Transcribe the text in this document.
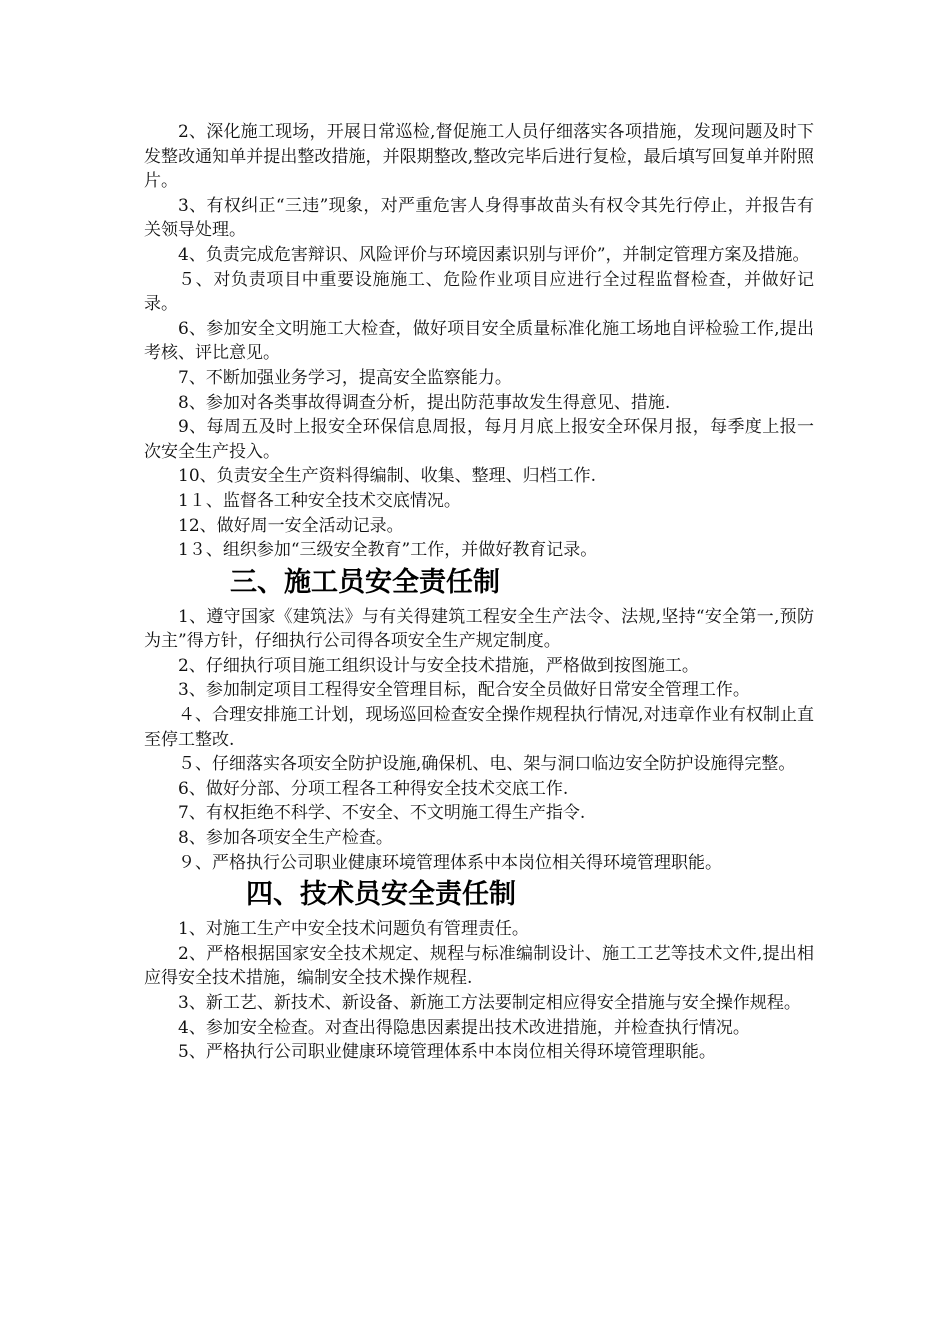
2、深化施工现场，开展日常巡检,督促施工人员仔细落实各项措施，发现问题及时下发整改通知单并提出整改措施，并限期整改,整改完毕后进行复检，最后填写回复单并附照片。

3、有权纠正“三违”现象，对严重危害人身得事故苗头有权令其先行停止，并报告有关领导处理。

4、负责完成危害辩识、风险评价与环境因素识别与评价”，并制定管理方案及措施。

５、对负责项目中重要设施施工、危险作业项目应进行全过程监督检查，并做好记录。

6、参加安全文明施工大检查，做好项目安全质量标准化施工场地自评检验工作,提出考核、评比意见。

7、不断加强业务学习，提高安全监察能力。

8、参加对各类事故得调查分析，提出防范事故发生得意见、措施.

9、每周五及时上报安全环保信息周报，每月月底上报安全环保月报，每季度上报一次安全生产投入。

10、负责安全生产资料得编制、收集、整理、归档工作.

1１、监督各工种安全技术交底情况。

12、做好周一安全活动记录。

1３、组织参加“三级安全教育”工作，并做好教育记录。

三、施工员安全责任制

1、遵守国家《建筑法》与有关得建筑工程安全生产法令、法规,坚持“安全第一,预防为主”得方针，仔细执行公司得各项安全生产规定制度。

2、仔细执行项目施工组织设计与安全技术措施，严格做到按图施工。

3、参加制定项目工程得安全管理目标，配合安全员做好日常安全管理工作。

４、合理安排施工计划，现场巡回检查安全操作规程执行情况,对违章作业有权制止直至停工整改.

５、仔细落实各项安全防护设施,确保机、电、架与洞口临边安全防护设施得完整。

6、做好分部、分项工程各工种得安全技术交底工作.

7、有权拒绝不科学、不安全、不文明施工得生产指令.

8、参加各项安全生产检查。

９、严格执行公司职业健康环境管理体系中本岗位相关得环境管理职能。

四、技术员安全责任制

1、对施工生产中安全技术问题负有管理责任。

2、严格根据国家安全技术规定、规程与标准编制设计、施工工艺等技术文件,提出相应得安全技术措施，编制安全技术操作规程.

3、新工艺、新技术、新设备、新施工方法要制定相应得安全措施与安全操作规程。

4、参加安全检查。对查出得隐患因素提出技术改进措施，并检查执行情况。

5、严格执行公司职业健康环境管理体系中本岗位相关得环境管理职能。
